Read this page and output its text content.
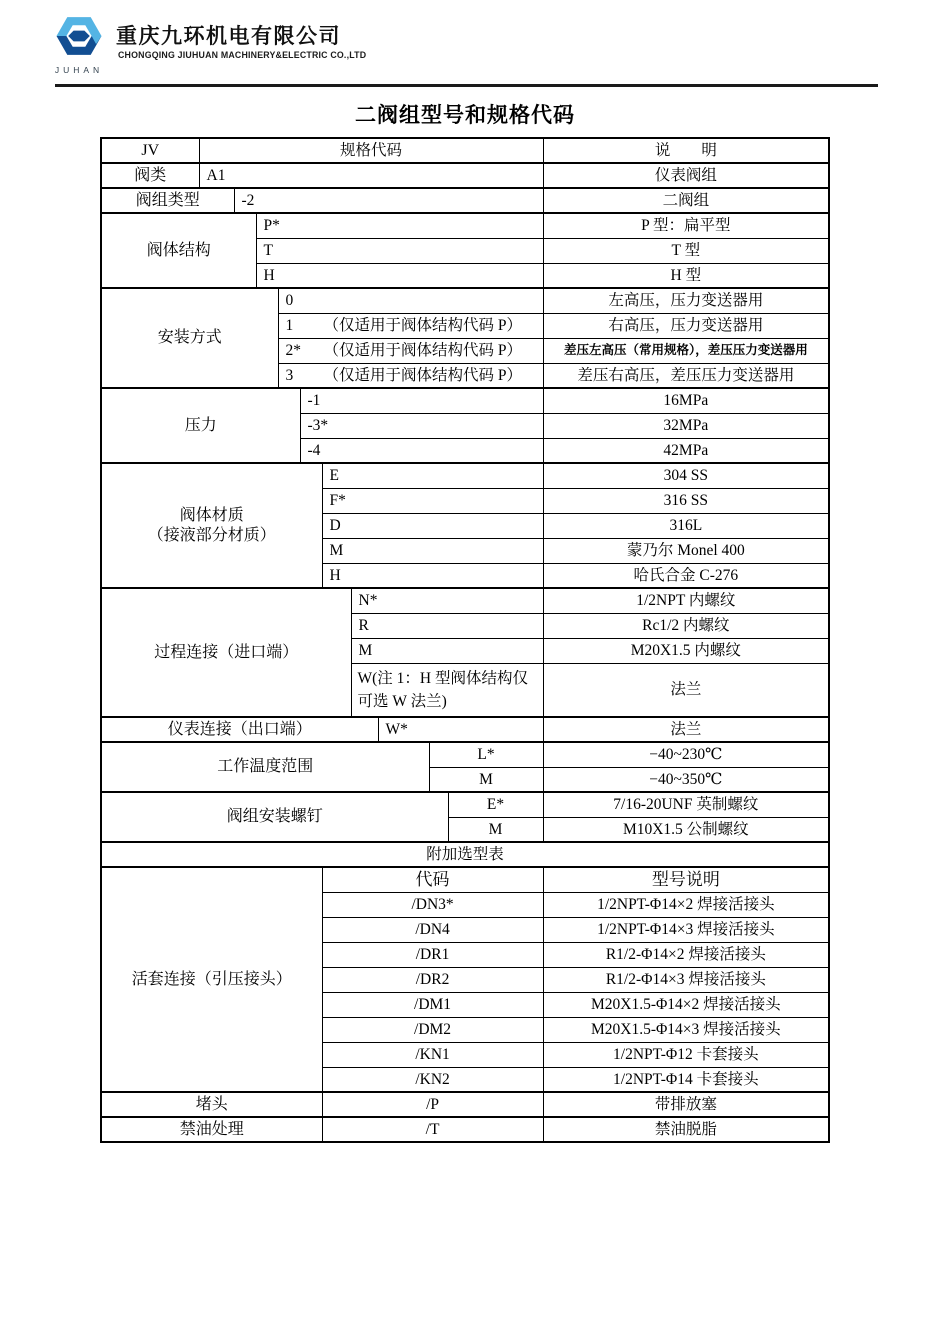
JUHAN
重庆九环机电有限公司
CHONGQING JIUHUAN MACHINERY&ELECTRIC CO.,LTD
二阀组型号和规格代码
JV	规格代码										说　　明
阀类	A1										仪表阀组
阀组类型		-2									二阀组
阀体结构			P*								P 型：扁平型
			T								T 型
			H								H 型
安装方式				0							左高压，压力变送器用
				1 （仅适用于阀体结构代码 P）							右高压，压力变送器用
				2* （仅适用于阀体结构代码 P）							差压左高压（常用规格），差压压力变送器用
				3 （仅适用于阀体结构代码 P）							差压右高压，差压压力变送器用
压力					-1						16MPa
					-3*						32MPa
					-4						42MPa

阀体材质
（接液部分材质）						E					304 SS
						F*					316 SS
						D					316L
						M					蒙乃尔 Monel 400
						H					哈氏合金 C-276
过程连接（进口端）							N*				1/2NPT 内螺纹
							R				Rc1/2 内螺纹
							M				M20X1.5 内螺纹
							W(注 1：H 型阀体结构仅可选 W 法兰)				法兰
仪表连接（出口端）								W*			法兰
工作温度范围									L*		−40~230℃
									M		−40~350℃
阀组安装螺钉										E*	7/16-20UNF 英制螺纹
										M	M10X1.5 公制螺纹
附加选型表											
活套连接（引压接头）						代码					型号说明
						/DN3*					1/2NPT-Φ14×2 焊接活接头
						/DN4					1/2NPT-Φ14×3 焊接活接头
						/DR1					R1/2-Φ14×2 焊接活接头
						/DR2					R1/2-Φ14×3 焊接活接头
						/DM1					M20X1.5-Φ14×2 焊接活接头
						/DM2					M20X1.5-Φ14×3 焊接活接头
						/KN1					1/2NPT-Φ12 卡套接头
						/KN2					1/2NPT-Φ14 卡套接头
堵头						/P					带排放塞
禁油处理						/T					禁油脱脂
